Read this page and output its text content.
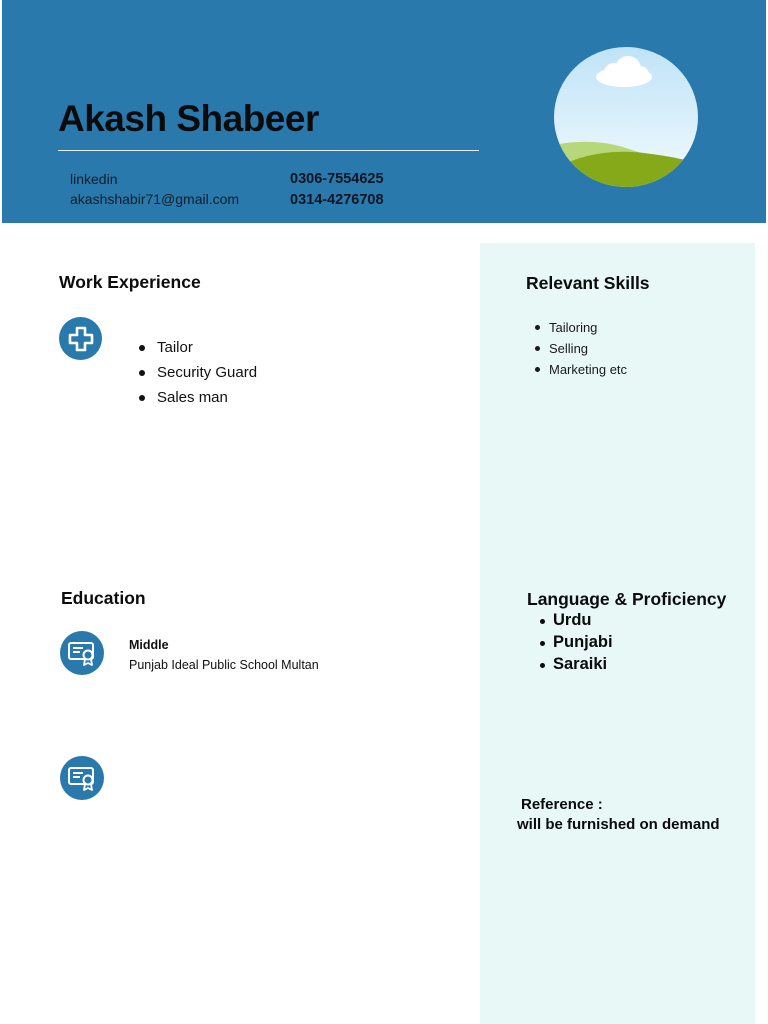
Akash Shabeer
linkedin
akashshabir71@gmail.com
0306-7554625
0314-4276708
Work Experience
Tailor
Security Guard
Sales man
Education
Middle
Punjab Ideal Public School Multan
Relevant Skills
Tailoring
Selling
Marketing etc
Language & Proficiency
Urdu
Punjabi
Saraiki
Reference :
will be furnished on demand
